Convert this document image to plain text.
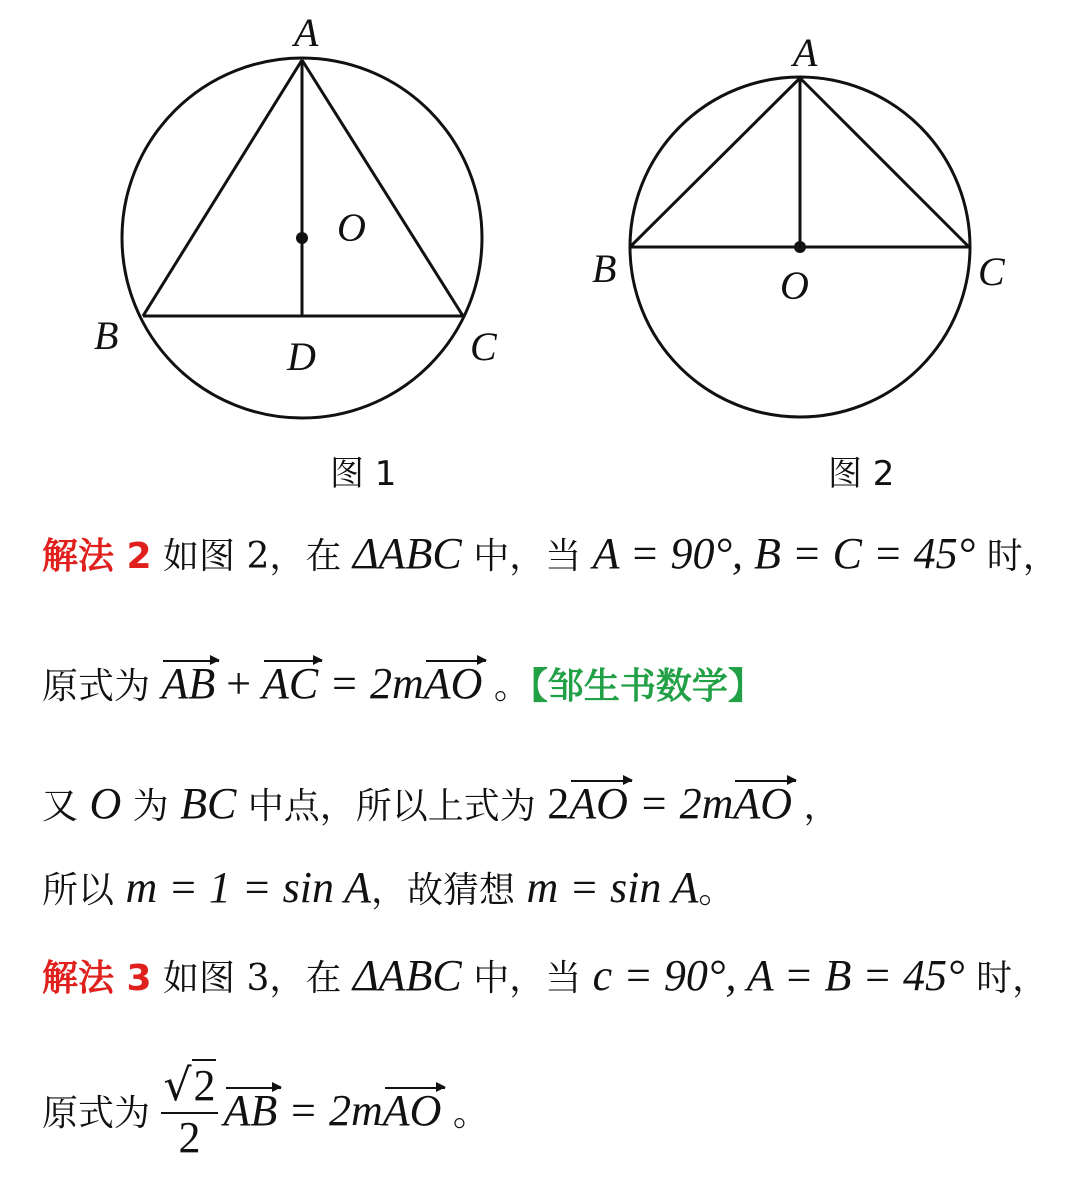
A
O
B	C
D
图 1
A
O
B	C
图 2
解法 2 如图 2，在 ΔABC 中，当 A = 90°, B = C = 45° 时，
原式为 AB + AC = 2mAO 。【邹生书数学】
又 O 为 BC 中点，所以上式为 2AO = 2mAO ，
所以 m = 1 = sin A，故猜想 m = sin A。
解法 3 如图 3，在 ΔABC 中，当 c = 90°, A = B = 45° 时，
原式为 $\frac{√2}{2}$ AB = 2mAO 。
